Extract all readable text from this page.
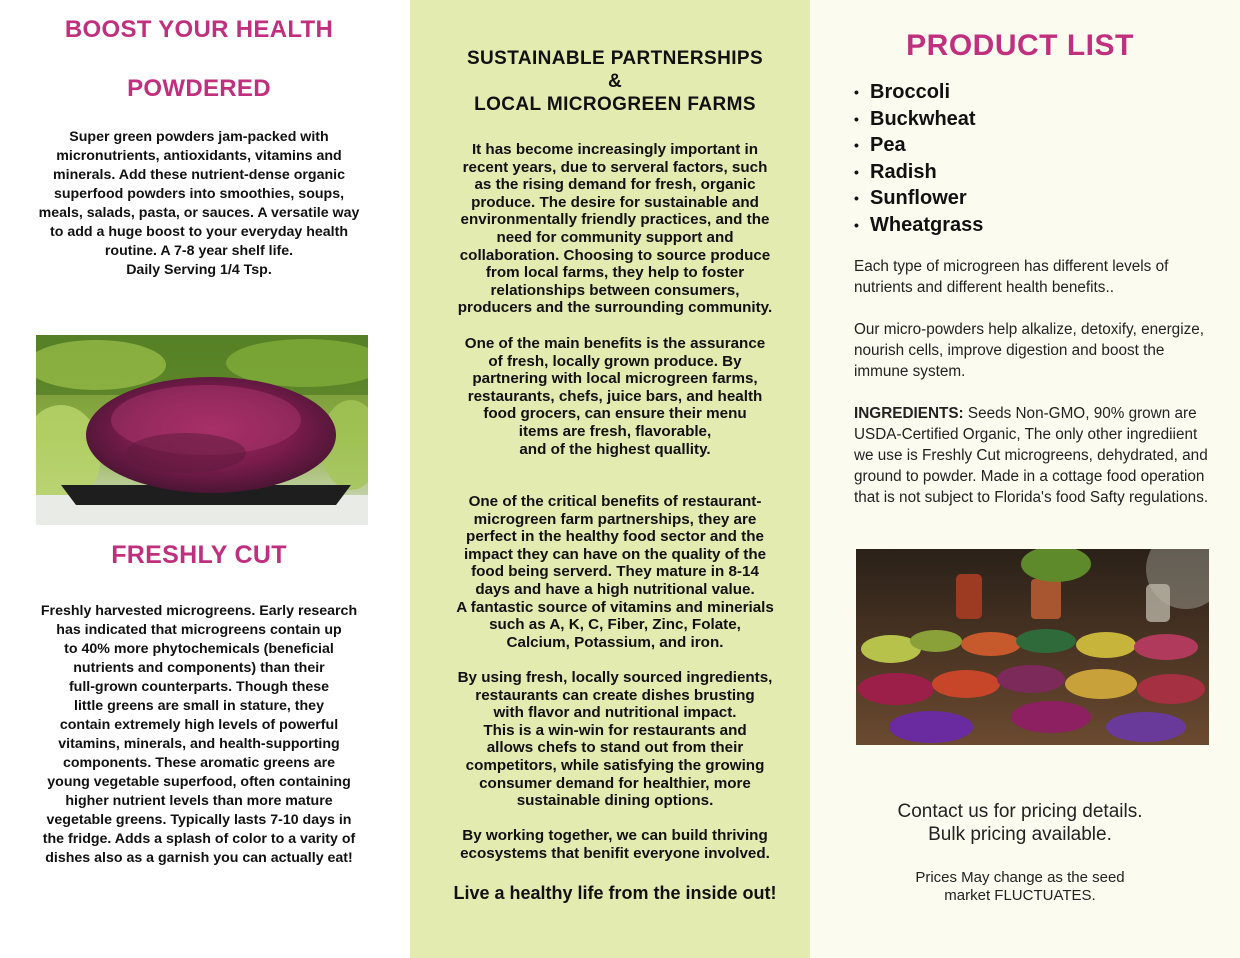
BOOST YOUR HEALTH
POWDERED

Super green powders jam-packed with
micronutrients, antioxidants, vitamins and
minerals. Add these nutrient-dense organic
superfood powders into smoothies, soups,
meals, salads, pasta, or sauces. A versatile way
to add a huge boost to your everyday health
routine. A 7-8 year shelf life.
Daily Serving 1/4 Tsp.

FRESHLY CUT

Freshly harvested microgreens. Early research
has indicated that microgreens contain up
to 40% more phytochemicals (beneficial
nutrients and components) than their
full-grown counterparts. Though these
little greens are small in stature, they
contain extremely high levels of powerful
vitamins, minerals, and health-supporting
components. These aromatic greens are
young vegetable superfood, often containing
higher nutrient levels than more mature
vegetable greens. Typically lasts 7-10 days in
the fridge. Adds a splash of color to a varity of
dishes also as a garnish you can actually eat!

SUSTAINABLE PARTNERSHIPS
&
LOCAL MICROGREEN FARMS

It has become increasingly important in
recent years, due to serveral factors, such
as the rising demand for fresh, organic
produce. The desire for sustainable and
environmentally friendly practices, and the
need for community support and
collaboration. Choosing to source produce
from local farms, they help to foster
relationships between consumers,
producers and the surrounding community.

One of the main benefits is the assurance
of fresh, locally grown produce. By
partnering with local microgreen farms,
restaurants, chefs, juice bars, and health
food grocers, can ensure their menu
items are fresh, flavorable,
and of the highest quallity.

One of the critical benefits of restaurant-
microgreen farm partnerships, they are
perfect in the healthy food sector and the
impact they can have on the quality of the
food being serverd. They mature in 8-14
days and have a high nutritional value.
A fantastic source of vitamins and minerials
such as A, K, C, Fiber, Zinc, Folate,
Calcium, Potassium, and iron.

By using fresh, locally sourced ingredients,
restaurants can create dishes brusting
with flavor and nutritional impact.
This is a win-win for restaurants and
allows chefs to stand out from their
competitors, while satisfying the growing
consumer demand for healthier, more
sustainable dining options.

By working together, we can build thriving
ecosystems that benifit everyone involved.

Live a healthy life from the inside out!

PRODUCT LIST
• Broccoli
• Buckwheat
• Pea
• Radish
• Sunflower
• Wheatgrass

Each type of microgreen has different levels of nutrients and different health benefits..

Our micro-powders help alkalize, detoxify, energize, nourish cells, improve digestion and boost the immune system.

INGREDIENTS: Seeds Non-GMO, 90% grown are USDA-Certified Organic, The only other ingrediient we use is Freshly Cut microgreens, dehydrated, and ground to powder. Made in a cottage food operation that is not subject to Florida's food Safty regulations.

Contact us for pricing details.

Bulk pricing available.

Prices May change as the seed

market FLUCTUATES.
